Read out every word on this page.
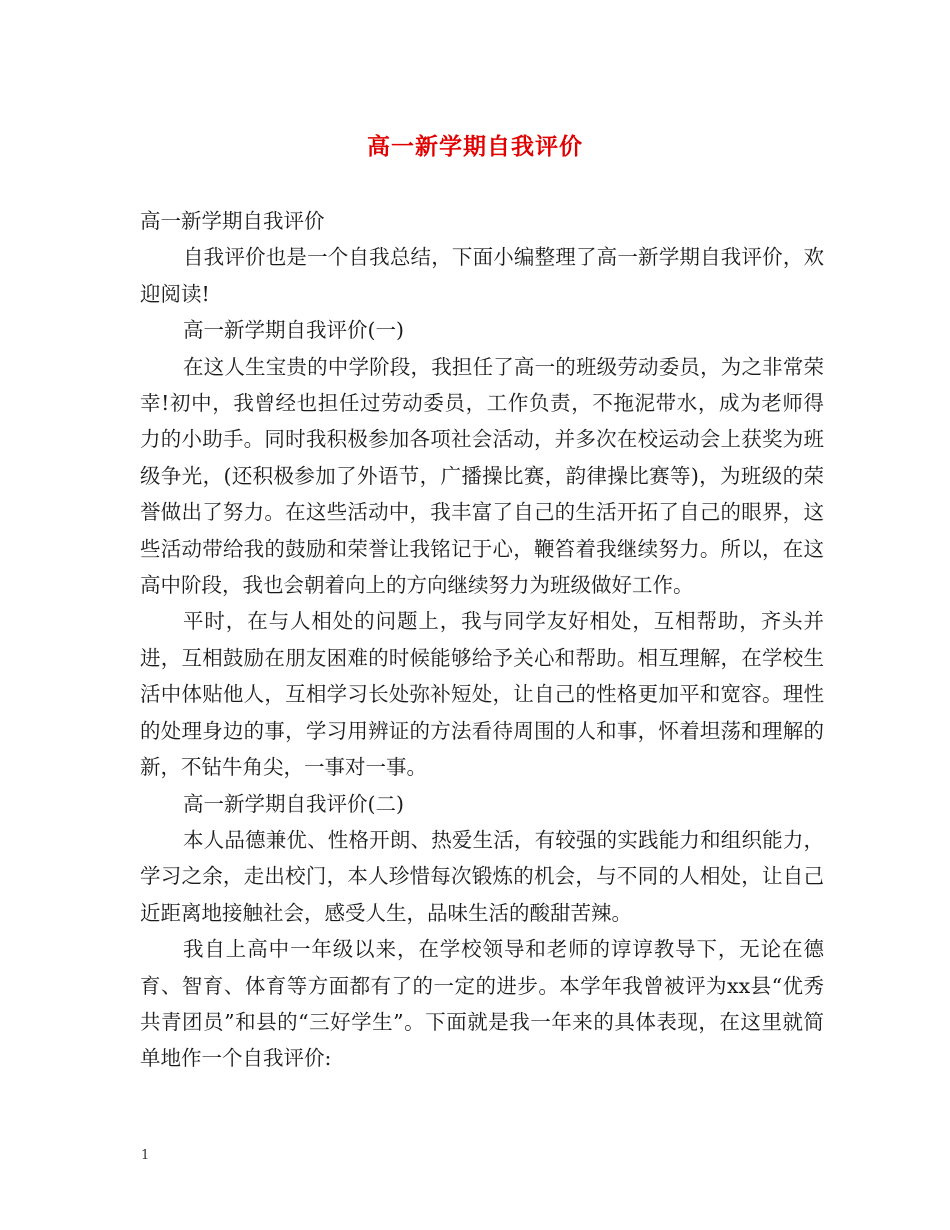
高一新学期自我评价

高一新学期自我评价

自我评价也是一个自我总结，下面小编整理了高一新学期自我评价，欢迎阅读!

高一新学期自我评价(一)

在这人生宝贵的中学阶段，我担任了高一的班级劳动委员，为之非常荣幸!初中，我曾经也担任过劳动委员，工作负责，不拖泥带水，成为老师得力的小助手。同时我积极参加各项社会活动，并多次在校运动会上获奖为班级争光，(还积极参加了外语节，广播操比赛，韵律操比赛等)，为班级的荣誉做出了努力。在这些活动中，我丰富了自己的生活开拓了自己的眼界，这些活动带给我的鼓励和荣誉让我铭记于心，鞭笞着我继续努力。所以，在这高中阶段，我也会朝着向上的方向继续努力为班级做好工作。

平时，在与人相处的问题上，我与同学友好相处，互相帮助，齐头并进，互相鼓励在朋友困难的时候能够给予关心和帮助。相互理解，在学校生活中体贴他人，互相学习长处弥补短处，让自己的性格更加平和宽容。理性的处理身边的事，学习用辨证的方法看待周围的人和事，怀着坦荡和理解的新，不钻牛角尖，一事对一事。

高一新学期自我评价(二)

本人品德兼优、性格开朗、热爱生活，有较强的实践能力和组织能力，学习之余，走出校门，本人珍惜每次锻炼的机会，与不同的人相处，让自己近距离地接触社会，感受人生，品味生活的酸甜苦辣。

我自上高中一年级以来，在学校领导和老师的谆谆教导下，无论在德育、智育、体育等方面都有了的一定的进步。本学年我曾被评为xx县“优秀共青团员”和县的“三好学生”。下面就是我一年来的具体表现，在这里就简单地作一个自我评价:

1
